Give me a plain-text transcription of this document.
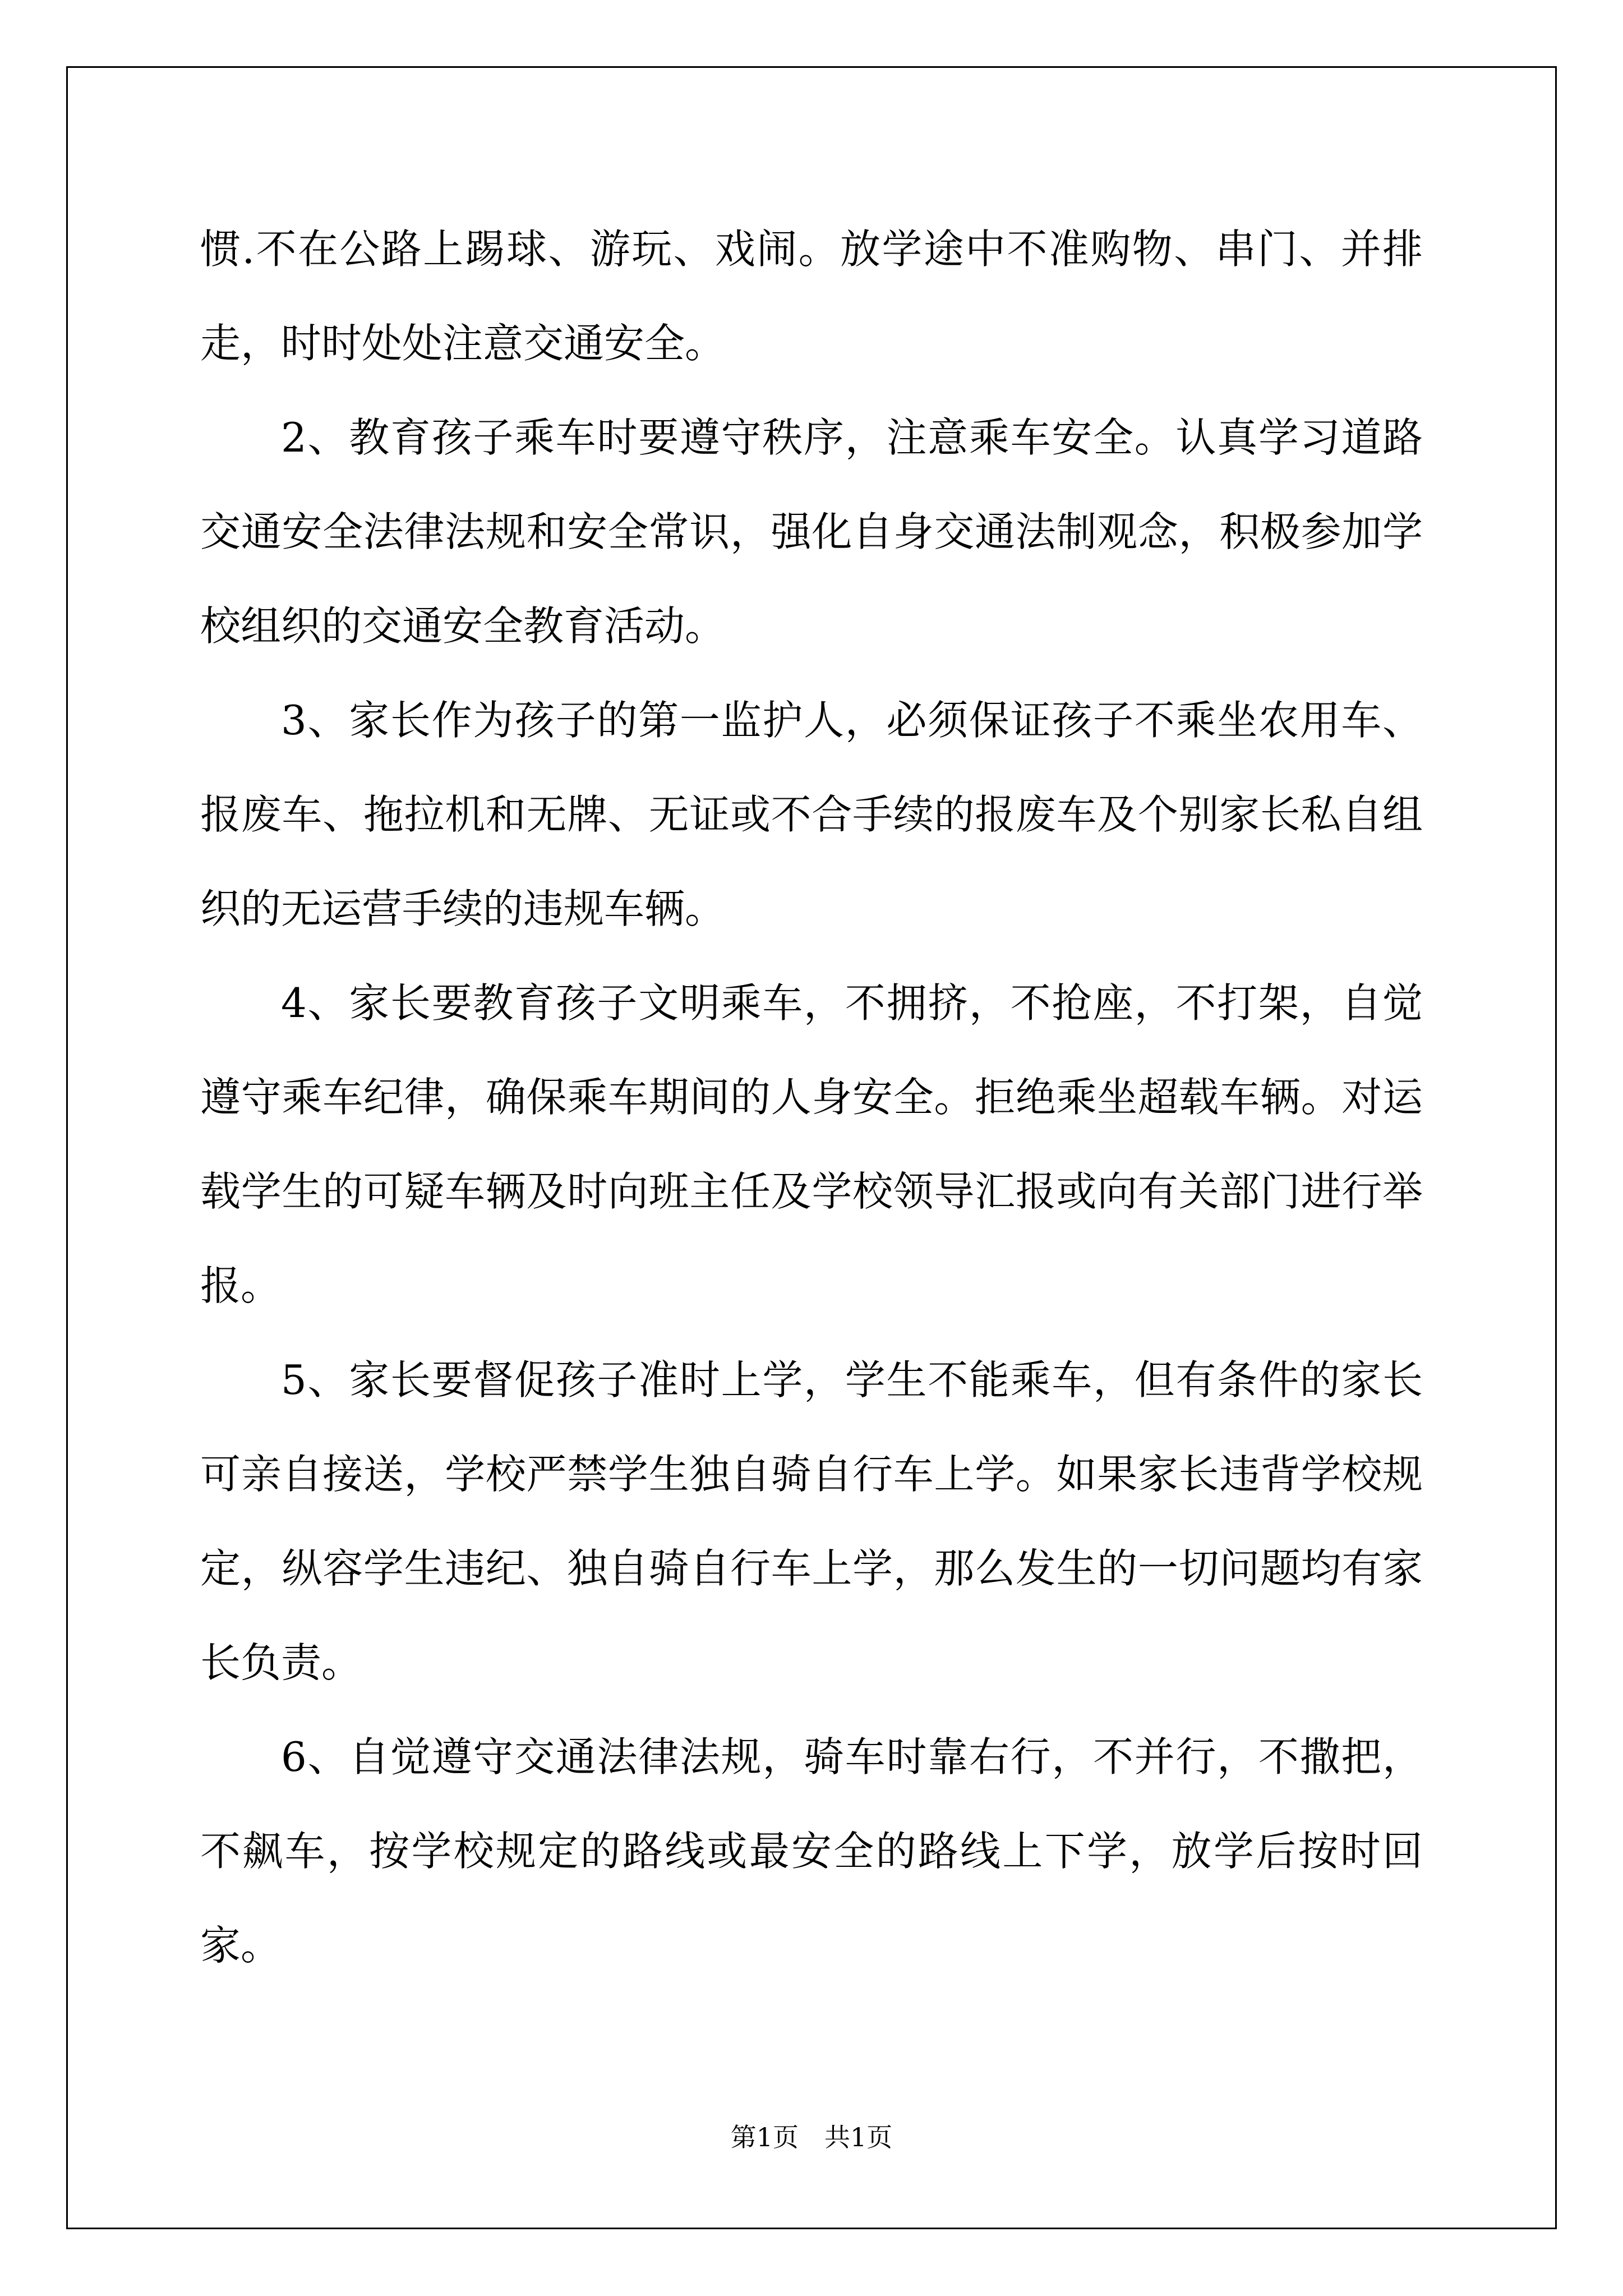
惯.不在公路上踢球、游玩、戏闹。放学途中不准购物、串门、并排走，时时处处注意交通安全。

2、教育孩子乘车时要遵守秩序，注意乘车安全。认真学习道路交通安全法律法规和安全常识，强化自身交通法制观念，积极参加学校组织的交通安全教育活动。

3、家长作为孩子的第一监护人，必须保证孩子不乘坐农用车、报废车、拖拉机和无牌、无证或不合手续的报废车及个别家长私自组织的无运营手续的违规车辆。

4、家长要教育孩子文明乘车，不拥挤，不抢座，不打架，自觉遵守乘车纪律，确保乘车期间的人身安全。拒绝乘坐超载车辆。对运载学生的可疑车辆及时向班主任及学校领导汇报或向有关部门进行举报。

5、家长要督促孩子准时上学，学生不能乘车，但有条件的家长可亲自接送，学校严禁学生独自骑自行车上学。如果家长违背学校规定，纵容学生违纪、独自骑自行车上学，那么发生的一切问题均有家长负责。

6、自觉遵守交通法律法规，骑车时靠右行，不并行，不撒把，不飙车，按学校规定的路线或最安全的路线上下学，放学后按时回家。

第1页 共1页
